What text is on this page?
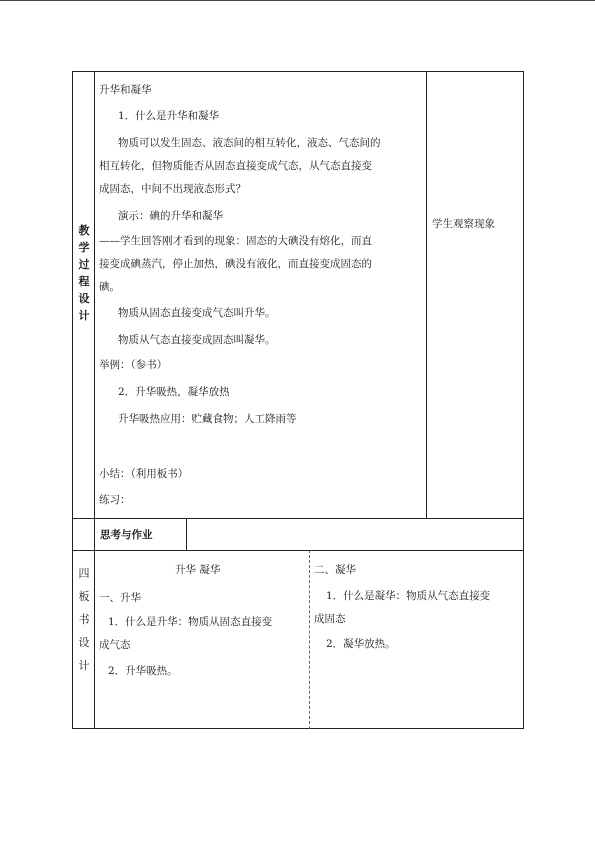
教
学
过
程
设
计
升华和凝华
1．什么是升华和凝华
物质可以发生固态、液态间的相互转化，液态、气态间的
相互转化，但物质能否从固态直接变成气态，从气态直接变
成固态，中间不出现液态形式？
演示：碘的升华和凝华
——学生回答刚才看到的现象：固态的大碘没有熔化，而直
接变成碘蒸汽，停止加热，碘没有液化，而直接变成固态的
碘。
物质从固态直接变成气态叫升华。
物质从气态直接变成固态叫凝华。
举例：（参书）
2．升华吸热，凝华放热
升华吸热应用：贮藏食物；人工降雨等
小结：（利用板书）
练习：
学生观察现象
思考与作业
四
板
书
设
计
升华 凝华
一、升华
1．什么是升华：物质从固态直接变
成气态
2．升华吸热。
二、凝华
1．什么是凝华：物质从气态直接变
成固态
2．凝华放热。
